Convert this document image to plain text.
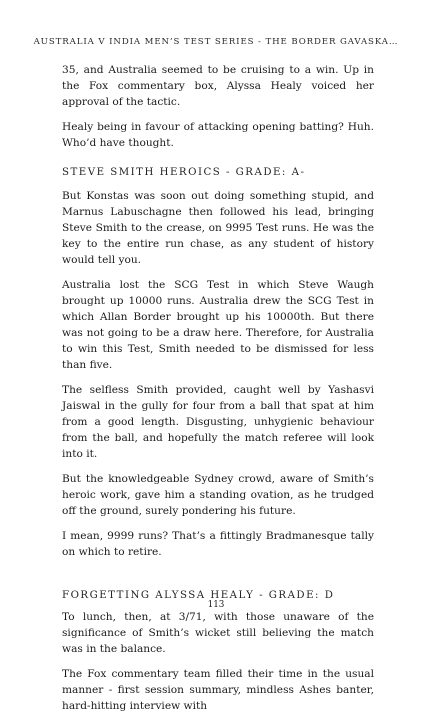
AUSTRALIA V INDIA MEN’S TEST SERIES - THE BORDER GAVASKA…

35, and Australia seemed to be cruising to a win. Up in the Fox commentary box, Alyssa Healy voiced her approval of the tactic.

Healy being in favour of attacking opening batting? Huh. Who’d have thought.

STEVE SMITH HEROICS - GRADE: A-

But Konstas was soon out doing something stupid, and Marnus Labuschagne then followed his lead, bringing Steve Smith to the crease, on 9995 Test runs. He was the key to the entire run chase, as any student of history would tell you.

Australia lost the SCG Test in which Steve Waugh brought up 10000 runs. Australia drew the SCG Test in which Allan Border brought up his 10000th. But there was not going to be a draw here. Therefore, for Australia to win this Test, Smith needed to be dismissed for less than five.

The selfless Smith provided, caught well by Yashasvi Jaiswal in the gully for four from a ball that spat at him from a good length. Disgusting, unhygienic behaviour from the ball, and hopefully the match referee will look into it.

But the knowledgeable Sydney crowd, aware of Smith’s heroic work, gave him a standing ovation, as he trudged off the ground, surely pondering his future.

I mean, 9999 runs? That’s a fittingly Bradmanesque tally on which to retire.

FORGETTING ALYSSA HEALY - GRADE: D

To lunch, then, at 3/71, with those unaware of the significance of Smith’s wicket still believing the match was in the balance.

The Fox commentary team filled their time in the usual manner - first session summary, mindless Ashes banter, hard-hitting interview with

113
